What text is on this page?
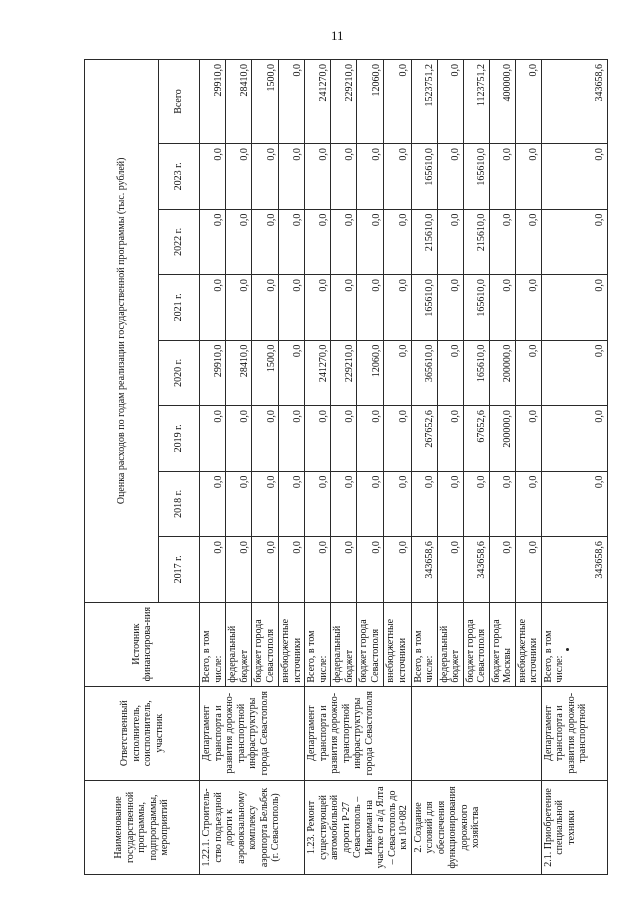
11
Наименование государственной программы, подпрограммы, мероприятий	Ответственный исполнитель, соисполнитель, участник	Источник финансирова-ния	Оценка расходов по годам реализации государственной программы (тыс. рублей)							
			2017 г.	2018 г.	2019 г.	2020 г.	2021 г.	2022 г.	2023 г.	Всего
1.22.1. Строитель-ство подъездной дороги к аэровокзальному комплексу аэропорта Бельбек (г. Севастополь)	Департамент транспорта и развития дорожно-транспортной инфраструктуры города Севастополя	Всего, в том числе:	0,0	0,0	0,0	29910,0	0,0	0,0	0,0	29910,0
		федеральный бюджет	0,0	0,0	0,0	28410,0	0,0	0,0	0,0	28410,0
		бюджет города Севастополя	0,0	0,0	0,0	1500,0	0,0	0,0	0,0	1500,0
		внебюджетные источники	0,0	0,0	0,0	0,0	0,0	0,0	0,0	0,0
1.23. Ремонт существующей автомобильной дороги Р-27 Севастополь – Инкерман на участке от а/д Ялта – Севастополь до км 10+082	Департамент транспорта и развития дорожно-транспортной инфраструктуры города Севастополя	Всего, в том числе:	0,0	0,0	0,0	241270,0	0,0	0,0	0,0	241270,0
		федеральный бюджет	0,0	0,0	0,0	229210,0	0,0	0,0	0,0	229210,0
		бюджет города Севастополя	0,0	0,0	0,0	12060,0	0,0	0,0	0,0	12060,0
		внебюджетные источники	0,0	0,0	0,0	0,0	0,0	0,0	0,0	0,0
2. Создание условий для обеспечения функционирования дорожного хозяйства		Всего, в том числе:	343658,6	0,0	267652,6	365610,0	165610,0	215610,0	165610,0	1523751,2
		федеральный бюджет	0,0	0,0	0,0	0,0	0,0	0,0	0,0	0,0
		бюджет города Севастополя	343658,6	0,0	67652,6	165610,0	165610,0	215610,0	165610,0	1123751,2
		бюджет города Москвы	0,0	0,0	200000,0	200000,0	0,0	0,0	0,0	400000,0
		внебюджетные источники	0,0	0,0	0,0	0,0	0,0	0,0	0,0	0,0
2.1. Приобретение специальной техники	Департамент транспорта и развития дорожно-транспортной	Всего, в том числе:	343658,6	0,0	0,0	0,0	0,0	0,0	0,0	343658,6
